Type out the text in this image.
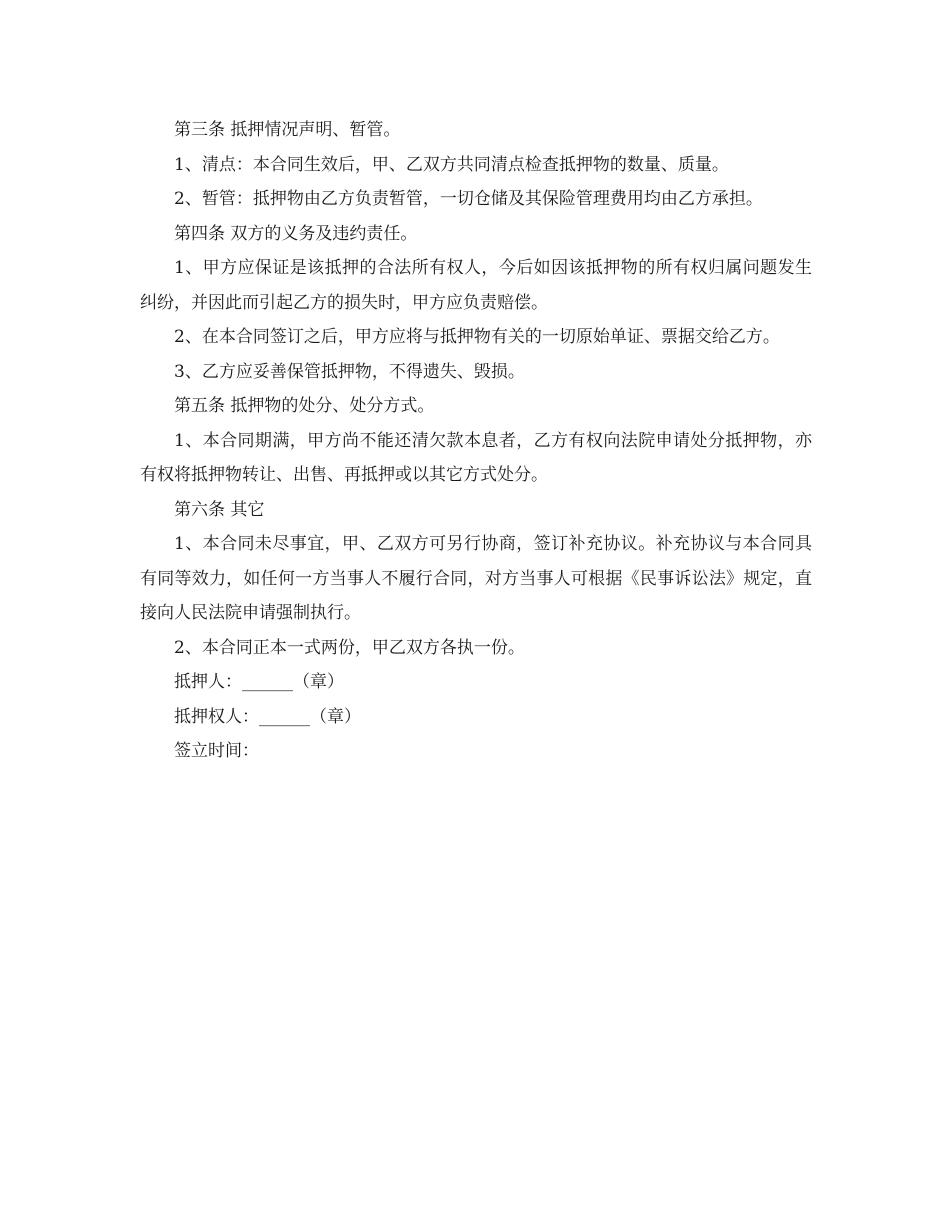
第三条 抵押情况声明、暂管。

1、清点：本合同生效后，甲、乙双方共同清点检查抵押物的数量、质量。

2、暂管：抵押物由乙方负责暂管，一切仓储及其保险管理费用均由乙方承担。

第四条 双方的义务及违约责任。

1、甲方应保证是该抵押的合法所有权人，今后如因该抵押物的所有权归属问题发生纠纷，并因此而引起乙方的损失时，甲方应负责赔偿。

2、在本合同签订之后，甲方应将与抵押物有关的一切原始单证、票据交给乙方。

3、乙方应妥善保管抵押物，不得遗失、毁损。

第五条 抵押物的处分、处分方式。

1、本合同期满，甲方尚不能还清欠款本息者，乙方有权向法院申请处分抵押物，亦有权将抵押物转让、出售、再抵押或以其它方式处分。

第六条 其它

1、本合同未尽事宜，甲、乙双方可另行协商，签订补充协议。补充协议与本合同具有同等效力，如任何一方当事人不履行合同，对方当事人可根据《民事诉讼法》规定，直接向人民法院申请强制执行。

2、本合同正本一式两份，甲乙双方各执一份。

抵押人：______（章）

抵押权人：______（章）

签立时间：
